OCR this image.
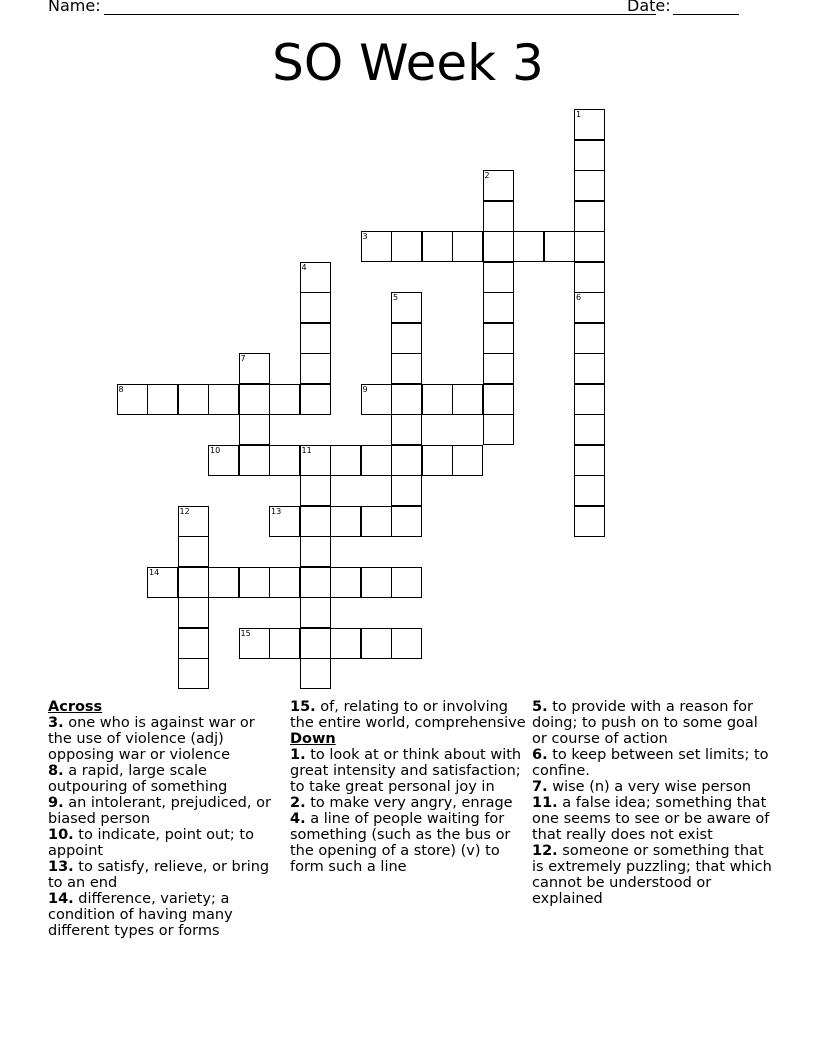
Name:	Date:
SO Week 3
1
2
3
4
5	6
7
8	9
10	11
12	13
14
15
Across
3. one who is against war or the use of violence (adj) opposing war or violence
8. a rapid, large scale outpouring of something
9. an intolerant, prejudiced, or biased person
10. to indicate, point out; to appoint
13. to satisfy, relieve, or bring to an end
14. difference, variety; a condition of having many different types or forms
15. of, relating to or involving the entire world, comprehensive
Down
1. to look at or think about with great intensity and satisfaction; to take great personal joy in
2. to make very angry, enrage
4. a line of people waiting for something (such as the bus or the opening of a store) (v) to form such a line
5. to provide with a reason for doing; to push on to some goal or course of action
6. to keep between set limits; to confine.
7. wise (n) a very wise person
11. a false idea; something that one seems to see or be aware of that really does not exist
12. someone or something that is extremely puzzling; that which cannot be understood or explained
